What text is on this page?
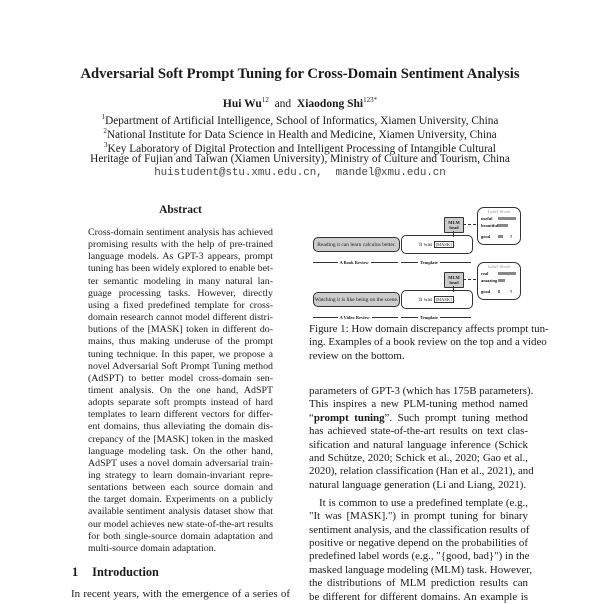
Adversarial Soft Prompt Tuning for Cross-Domain Sentiment Analysis
Hui Wu$^{12}$ and Xiaodong Shi$^{123*}$
$^1$Department of Artificial Intelligence, School of Informatics, Xiamen University, China
$^2$National Institute for Data Science in Health and Medicine, Xiamen University, China
$^3$Key Laboratory of Digital Protection and Intelligent Processing of Intangible Cultural
Heritage of Fujian and Taiwan (Xiamen University), Ministry of Culture and Tourism, China
huistudent@stu.xmu.edu.cn,  mandel@xmu.edu.cn
Abstract
Cross-domain sentiment analysis has achieved
promising results with the help of pre-trained
language models. As GPT-3 appears, prompt
tuning has been widely explored to enable bet-
ter semantic modeling in many natural lan-
guage processing tasks. However, directly
using a fixed predefined template for cross-
domain research cannot model different distri-
butions of the [MASK] token in different do-
mains, thus making underuse of the prompt
tuning technique. In this paper, we propose a
novel Adversarial Soft Prompt Tuning method
(AdSPT) to better model cross-domain sen-
timent analysis. On the one hand, AdSPT
adopts separate soft prompts instead of hard
templates to learn different vectors for differ-
ent domains, thus alleviating the domain dis-
crepancy of the [MASK] token in the masked
language modeling task. On the other hand,
AdSPT uses a novel domain adversarial train-
ing strategy to learn domain-invariant repre-
sentations between each source domain and
the target domain. Experiments on a publicly
available sentiment analysis dataset show that
our model achieves new state-of-the-art results
for both single-source domain adaptation and
multi-source domain adaptation.
1 Introduction
In recent years, with the emergence of a series of
Reading it can learn calculus better.	It was
[MASK] .
MLM head
Label Words
useful
beautiful
good	?
A Book Review	Template
Watching it is like being on the scene.	It was
[MASK] .
MLM head
Label Words
real
amazing
good	?
A Video Review	Template
Figure 1: How domain discrepancy affects prompt tun-
ing. Examples of a book review on the top and a video
review on the bottom.
parameters of GPT-3 (which has 175B parameters).
This inspires a new PLM-tuning method named
“prompt tuning”. Such prompt tuning method
has achieved state-of-the-art results on text clas-
sification and natural language inference (Schick
and Schütze, 2020; Schick et al., 2020; Gao et al.,
2020), relation classification (Han et al., 2021), and
natural language generation (Li and Liang, 2021).
It is common to use a predefined template (e.g.,
"It was [MASK].") in prompt tuning for binary
sentiment analysis, and the classification results of
positive or negative depend on the probabilities of
predefined label words (e.g., "{good, bad}") in the
masked language modeling (MLM) task. However,
the distributions of MLM prediction results can
be different for different domains. An example is
